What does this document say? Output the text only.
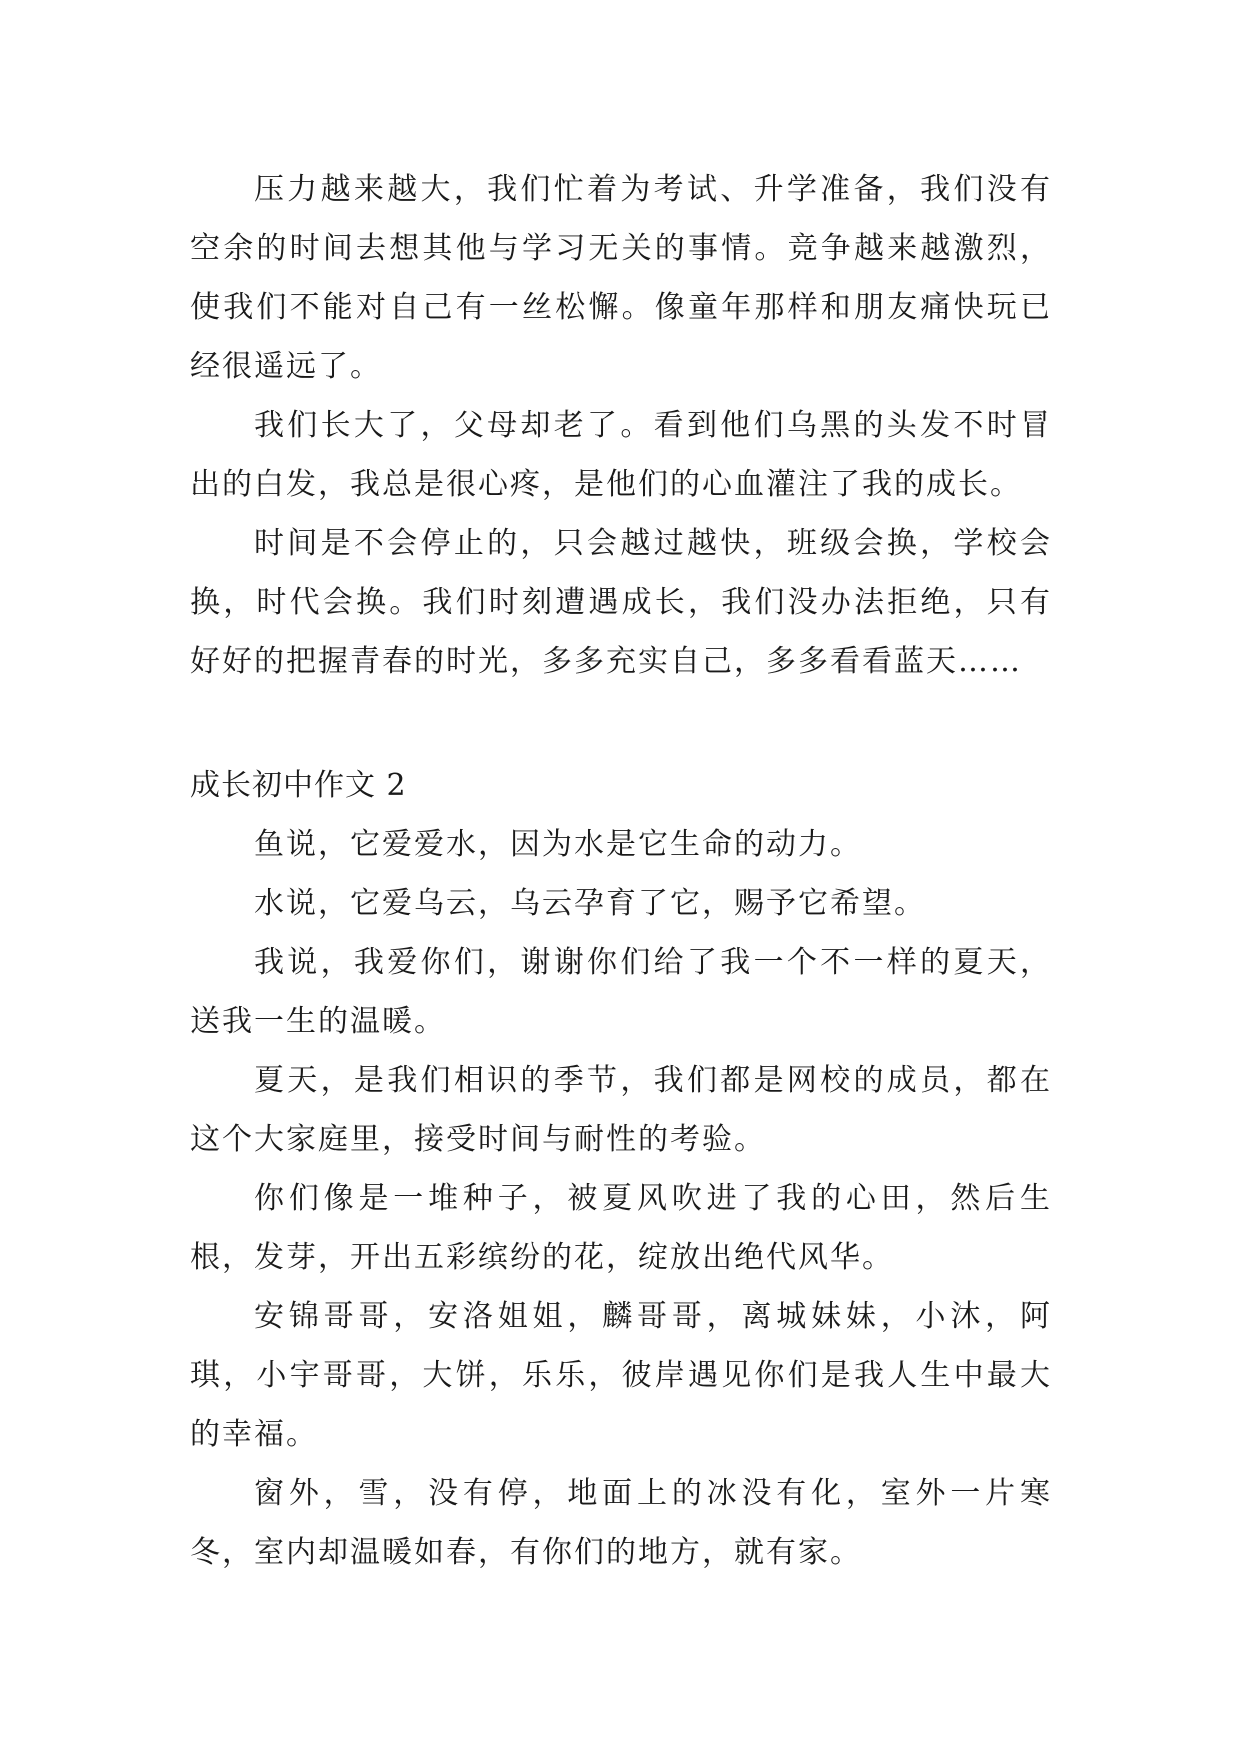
压力越来越大，我们忙着为考试、升学准备，我们没有空余的时间去想其他与学习无关的事情。竞争越来越激烈，使我们不能对自己有一丝松懈。像童年那样和朋友痛快玩已经很遥远了。

我们长大了，父母却老了。看到他们乌黑的头发不时冒出的白发，我总是很心疼，是他们的心血灌注了我的成长。

时间是不会停止的，只会越过越快，班级会换，学校会换，时代会换。我们时刻遭遇成长，我们没办法拒绝，只有好好的把握青春的时光，多多充实自己，多多看看蓝天……

成长初中作文 2

鱼说，它爱爱水，因为水是它生命的动力。

水说，它爱乌云，乌云孕育了它，赐予它希望。

我说，我爱你们，谢谢你们给了我一个不一样的夏天，送我一生的温暖。

夏天，是我们相识的季节，我们都是网校的成员，都在这个大家庭里，接受时间与耐性的考验。

你们像是一堆种子，被夏风吹进了我的心田，然后生根，发芽，开出五彩缤纷的花，绽放出绝代风华。

安锦哥哥，安洛姐姐，麟哥哥，离城妹妹，小沐，阿琪，小宇哥哥，大饼，乐乐，彼岸遇见你们是我人生中最大的幸福。

窗外，雪，没有停，地面上的冰没有化，室外一片寒冬，室内却温暖如春，有你们的地方，就有家。
